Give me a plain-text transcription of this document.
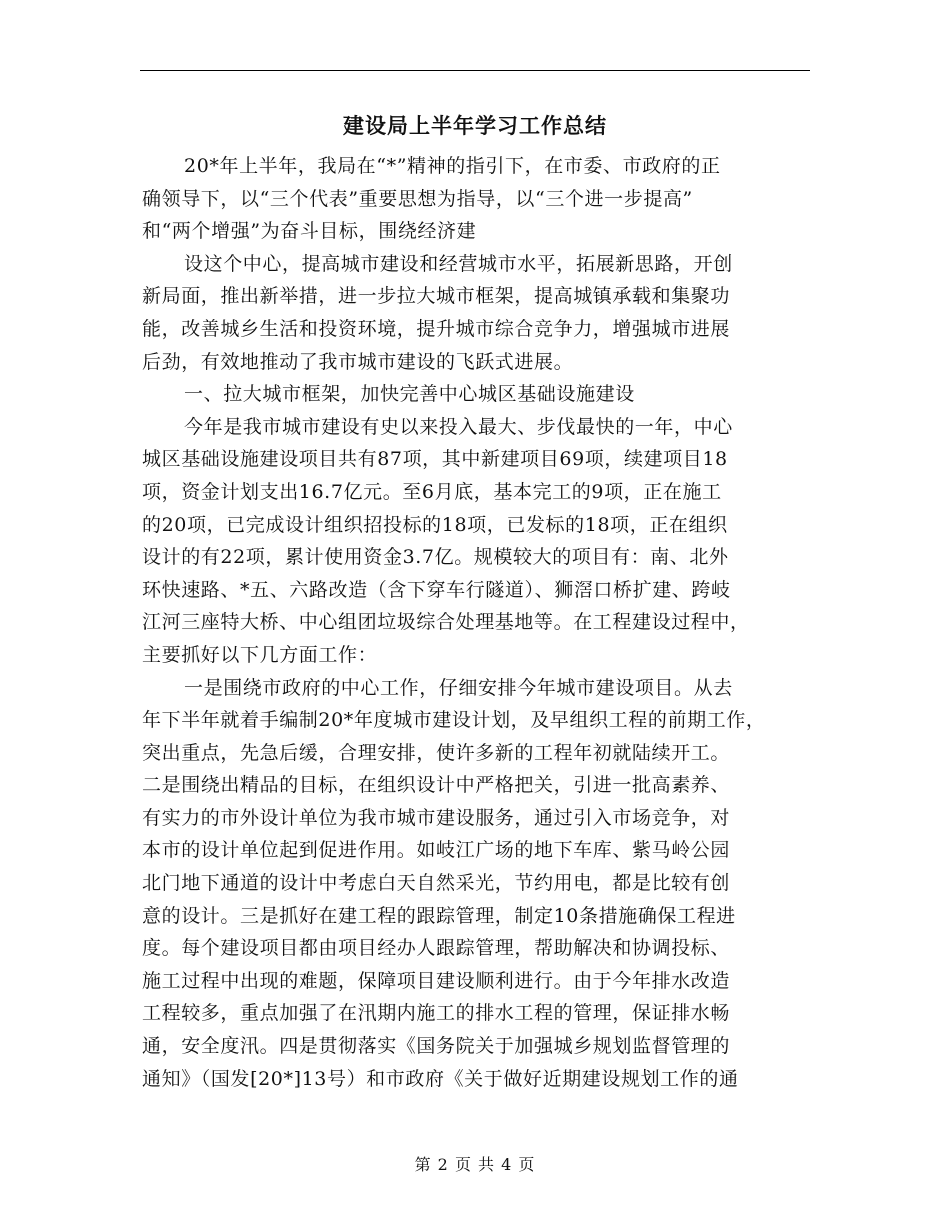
建设局上半年学习工作总结
20*年上半年，我局在“*”精神的指引下，在市委、市政府的正
确领导下，以“三个代表”重要思想为指导，以“三个进一步提高”
和“两个增强”为奋斗目标，围绕经济建
设这个中心，提高城市建设和经营城市水平，拓展新思路，开创
新局面，推出新举措，进一步拉大城市框架，提高城镇承载和集聚功
能，改善城乡生活和投资环境，提升城市综合竞争力，增强城市进展
后劲，有效地推动了我市城市建设的飞跃式进展。
一、拉大城市框架，加快完善中心城区基础设施建设
今年是我市城市建设有史以来投入最大、步伐最快的一年，中心
城区基础设施建设项目共有87项，其中新建项目69项，续建项目18
项，资金计划支出16.7亿元。至6月底，基本完工的9项，正在施工
的20项，已完成设计组织招投标的18项，已发标的18项，正在组织
设计的有22项，累计使用资金3.7亿。规模较大的项目有：南、北外
环快速路、*五、六路改造（含下穿车行隧道）、狮滘口桥扩建、跨岐
江河三座特大桥、中心组团垃圾综合处理基地等。在工程建设过程中，
主要抓好以下几方面工作：
一是围绕市政府的中心工作，仔细安排今年城市建设项目。从去
年下半年就着手编制20*年度城市建设计划，及早组织工程的前期工作，
突出重点，先急后缓，合理安排，使许多新的工程年初就陆续开工。
二是围绕出精品的目标，在组织设计中严格把关，引进一批高素养、
有实力的市外设计单位为我市城市建设服务，通过引入市场竞争，对
本市的设计单位起到促进作用。如岐江广场的地下车库、紫马岭公园
北门地下通道的设计中考虑白天自然采光，节约用电，都是比较有创
意的设计。三是抓好在建工程的跟踪管理，制定10条措施确保工程进
度。每个建设项目都由项目经办人跟踪管理，帮助解决和协调投标、
施工过程中出现的难题，保障项目建设顺利进行。由于今年排水改造
工程较多，重点加强了在汛期内施工的排水工程的管理，保证排水畅
通，安全度汛。四是贯彻落实《国务院关于加强城乡规划监督管理的
通知》（国发[20*]13号）和市政府《关于做好近期建设规划工作的通
第 2 页 共 4 页
